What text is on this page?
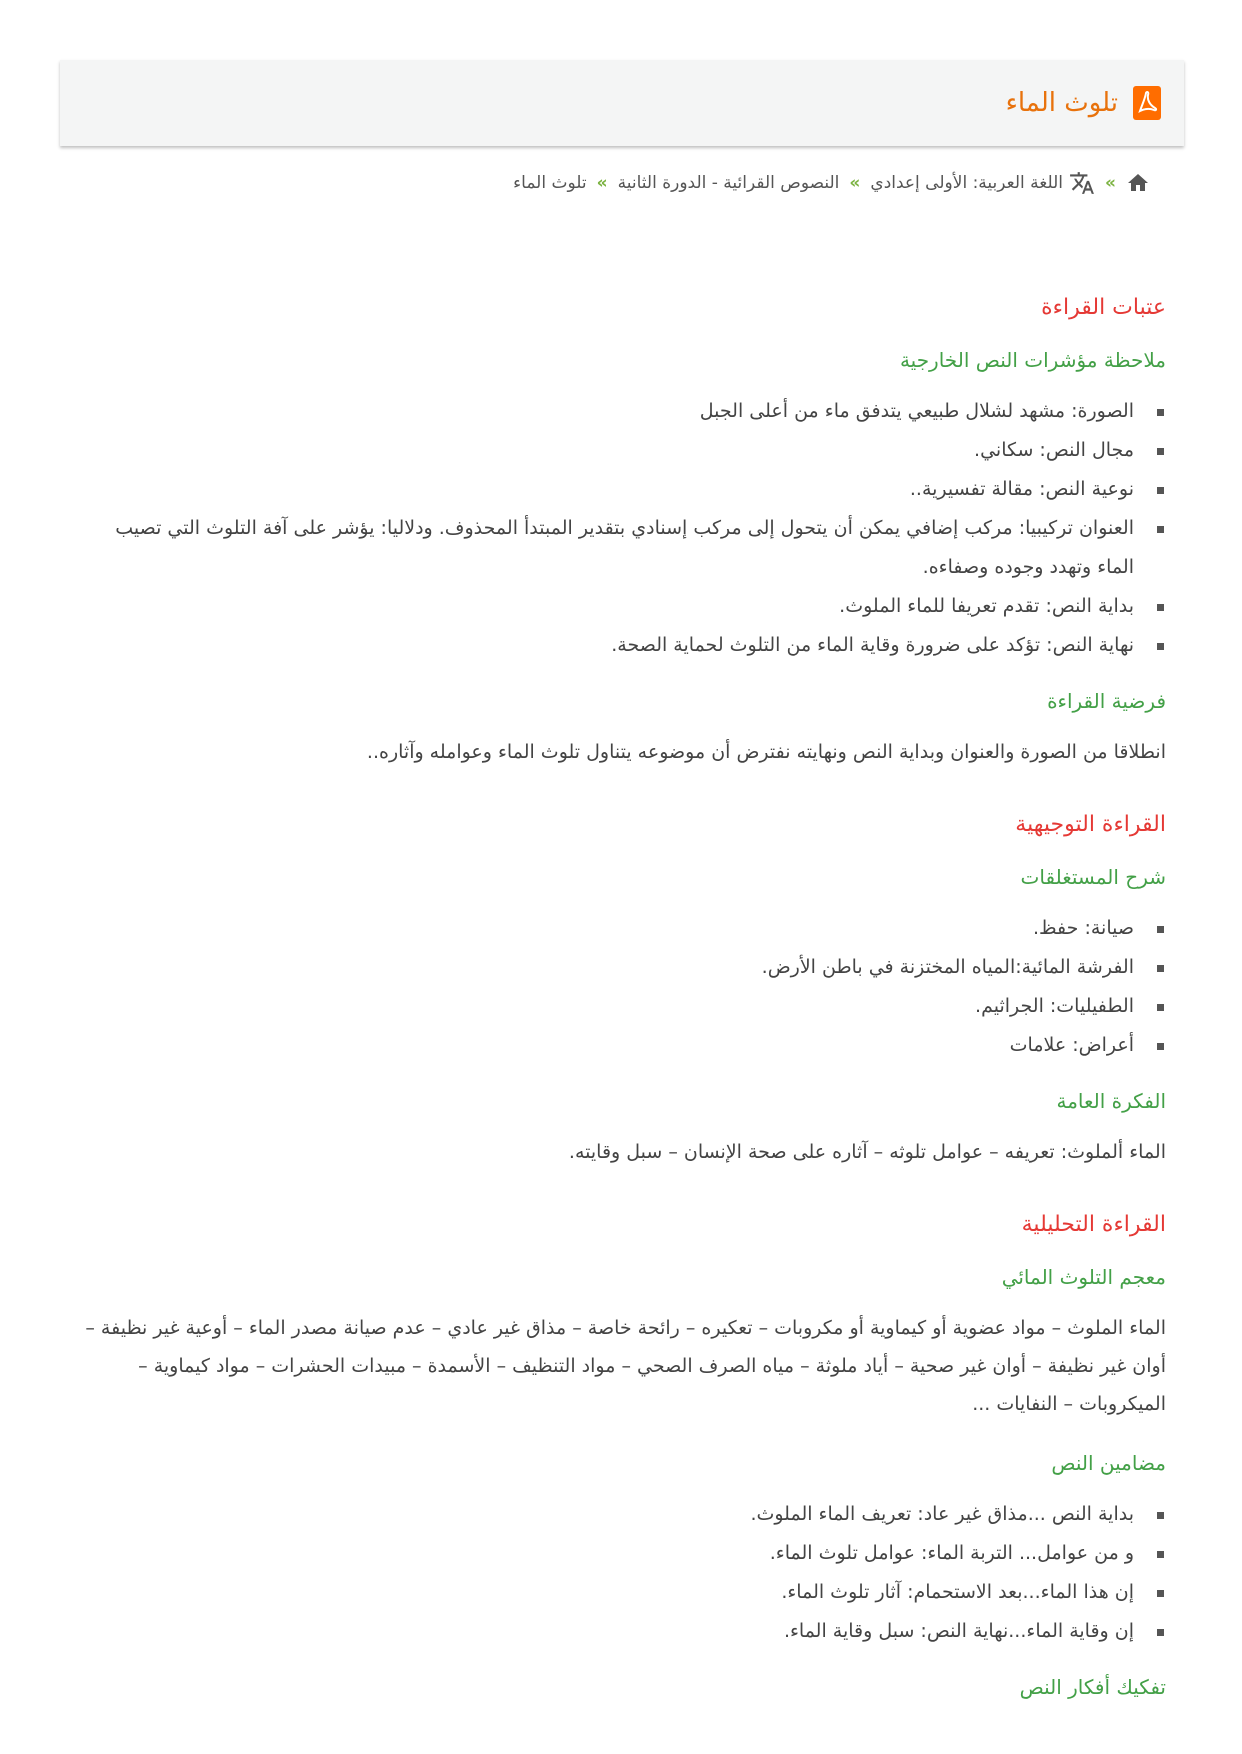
تلوث الماء
»
اللغة العربية: الأولى إعدادي
»
النصوص القرائية - الدورة الثانية
»
تلوث الماء
عتبات القراءة
ملاحظة مؤشرات النص الخارجية
الصورة: مشهد لشلال طبيعي يتدفق ماء من أعلى الجبل
مجال النص: سكاني.
نوعية النص: مقالة تفسيرية..
العنوان تركيبيا: مركب إضافي يمكن أن يتحول إلى مركب إسنادي بتقدير المبتدأ المحذوف. ودلاليا: يؤشر على آفة التلوث التي تصيب الماء وتهدد وجوده وصفاءه.
بداية النص: تقدم تعريفا للماء الملوث.
نهاية النص: تؤكد على ضرورة وقاية الماء من التلوث لحماية الصحة.
فرضية القراءة

انطلاقا من الصورة والعنوان وبداية النص ونهايته نفترض أن موضوعه يتناول تلوث الماء وعوامله وآثاره..

القراءة التوجيهية
شرح المستغلقات
صيانة: حفظ.
الفرشة المائية:المياه المختزنة في باطن الأرض.
الطفيليات: الجراثيم.
أعراض: علامات
الفكرة العامة

الماء ألملوث: تعريفه – عوامل تلوثه – آثاره على صحة الإنسان – سبل وقايته.

القراءة التحليلية
معجم التلوث المائي

الماء الملوث – مواد عضوية أو كيماوية أو مكروبات – تعكيره – رائحة خاصة – مذاق غير عادي – عدم صيانة مصدر الماء – أوعية غير نظيفة –أوان غير نظيفة – أوان غير صحية – أياد ملوثة – مياه الصرف الصحي – مواد التنظيف – الأسمدة – مبيدات الحشرات – مواد كيماوية – الميكروبات – النفايات ...

مضامين النص
بداية النص ...مذاق غير عاد: تعريف الماء الملوث.
و من عوامل... التربة الماء: عوامل تلوث الماء.
إن هذا الماء...بعد الاستحمام: آثار تلوث الماء.
إن وقاية الماء...نهاية النص: سبل وقاية الماء.
تفكيك أفكار النص
